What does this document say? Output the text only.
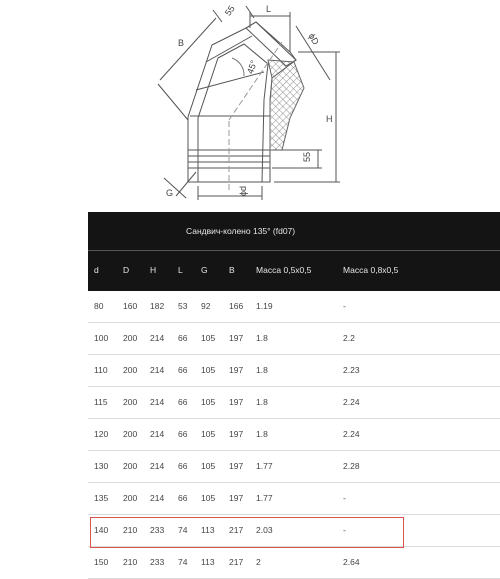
55	L
ϕD
B
45°
H
55
G	ϕd
Сандвич-колено 135° (fd07)
d	D H	L G	B	Масса 0,5x0,5	Масса 0,8x0,5
80 160 182 53 92 166 1.19	-
100 200 214 66 105 197 1.8	2.2
110 200 214 66 105 197 1.8	2.23
115 200 214 66 105 197 1.8	2.24
120 200 214 66 105 197 1.8	2.24
130 200 214 66 105 197 1.77	2.28
135 200 214 66 105 197 1.77	-
140 210 233 74 113 217 2.03	-
150 210 233 74 113 217 2	2.64
